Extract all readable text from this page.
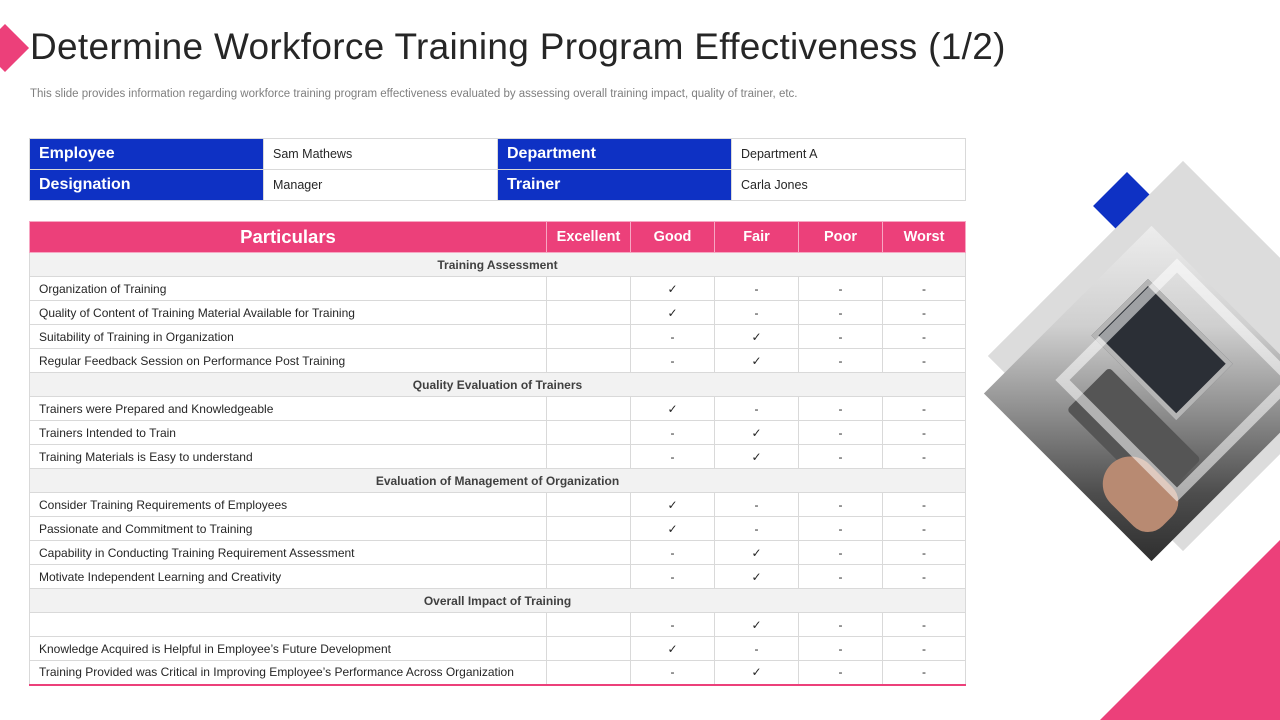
Determine Workforce Training Program Effectiveness (1/2)

This slide provides information regarding workforce training program effectiveness evaluated by assessing overall training impact, quality of trainer, etc.

Employee	Sam Mathews	Department	Department A
Designation	Manager	Trainer	Carla Jones
Particulars	Excellent	Good	Fair	Poor	Worst
Training Assessment					
Organization of Training		✓	-	-	-
Quality of Content of Training Material Available for Training		✓	-	-	-
Suitability of Training in Organization		-	✓	-	-
Regular Feedback Session on Performance Post Training		-	✓	-	-
Quality Evaluation of Trainers					
Trainers were Prepared and Knowledgeable		✓	-	-	-
Trainers Intended to Train		-	✓	-	-
Training Materials is Easy to understand		-	✓	-	-
Evaluation of Management of Organization					
Consider Training Requirements of Employees		✓	-	-	-
Passionate and Commitment to Training		✓	-	-	-
Capability in Conducting Training Requirement Assessment		-	✓	-	-
Motivate Independent Learning and Creativity		-	✓	-	-
Overall Impact of Training					
		-	✓	-	-
Knowledge Acquired is Helpful in Employee’s Future Development		✓	-	-	-
Training Provided was Critical in Improving Employee’s Performance Across Organization		-	✓	-	-
